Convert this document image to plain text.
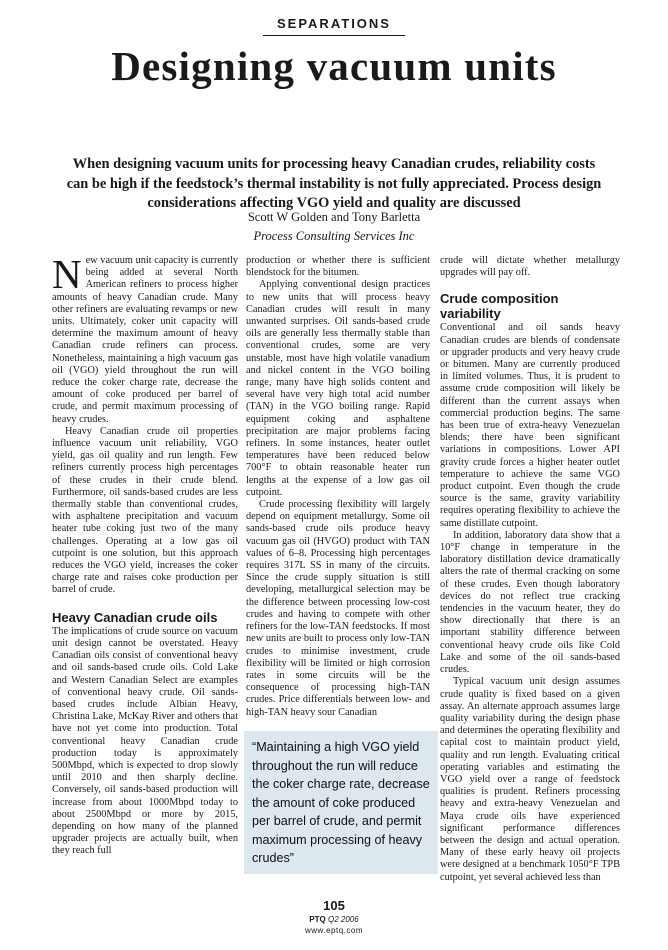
SEPARATIONS
Designing vacuum units
When designing vacuum units for processing heavy Canadian crudes, reliability costs can be high if the feedstock’s thermal instability is not fully appreciated. Process design considerations affecting VGO yield and quality are discussed
Scott W Golden and Tony Barletta
Process Consulting Services Inc

New vacuum unit capacity is currently being added at several North American refiners to process higher amounts of heavy Canadian crude. Many other refiners are evaluating revamps or new units. Ultimately, coker unit capacity will determine the maximum amount of heavy Canadian crude refiners can process. Nonetheless, maintaining a high vacuum gas oil (VGO) yield throughout the run will reduce the coker charge rate, decrease the amount of coke produced per barrel of crude, and permit maximum processing of heavy crudes.

Heavy Canadian crude oil properties influence vacuum unit reliability, VGO yield, gas oil quality and run length. Few refiners currently process high percentages of these crudes in their crude blend. Furthermore, oil sands-based crudes are less thermally stable than conventional crudes, with asphaltene precipitation and vacuum heater tube coking just two of the many challenges. Operating at a low gas oil cutpoint is one solution, but this approach reduces the VGO yield, increases the coker charge rate and raises coke production per barrel of crude.

Heavy Canadian crude oils

The implications of crude source on vacuum unit design cannot be overstated. Heavy Canadian oils consist of conventional heavy and oil sands-based crude oils. Cold Lake and Western Canadian Select are examples of conventional heavy crude. Oil sands-based crudes include Albian Heavy, Christina Lake, McKay River and others that have not yet come into production. Total conventional heavy Canadian crude production today is approximately 500Mbpd, which is expected to drop slowly until 2010 and then sharply decline. Conversely, oil sands-based production will increase from about 1000Mbpd today to about 2500Mbpd or more by 2015, depending on how many of the planned upgrader projects are actually built, when they reach full

production or whether there is sufficient blendstock for the bitumen.

Applying conventional design practices to new units that will process heavy Canadian crudes will result in many unwanted surprises. Oil sands-based crude oils are generally less thermally stable than conventional crudes, some are very unstable, most have high volatile vanadium and nickel content in the VGO boiling range, many have high solids content and several have very high total acid number (TAN) in the VGO boiling range. Rapid equipment coking and asphaltene precipitation are major problems facing refiners. In some instances, heater outlet temperatures have been reduced below 700°F to obtain reasonable heater run lengths at the expense of a low gas oil cutpoint.

Crude processing flexibility will largely depend on equipment metallurgy. Some oil sands-based crude oils produce heavy vacuum gas oil (HVGO) product with TAN values of 6–8. Processing high percentages requires 317L SS in many of the circuits. Since the crude supply situation is still developing, metallurgical selection may be the difference between processing low-cost crudes and having to compete with other refiners for the low-TAN feedstocks. If most new units are built to process only low-TAN crudes to minimise investment, crude flexibility will be limited or high corrosion rates in some circuits will be the consequence of processing high-TAN crudes. Price differentials between low- and high-TAN heavy sour Canadian

crude will dictate whether metallurgy upgrades will pay off.

Crude composition variability

Conventional and oil sands heavy Canadian crudes are blends of condensate or upgrader products and very heavy crude or bitumen. Many are currently produced in limited volumes. Thus, it is prudent to assume crude composition will likely be different than the current assays when commercial production begins. The same has been true of extra-heavy Venezuelan blends; there have been significant variations in compositions. Lower API gravity crude forces a higher heater outlet temperature to achieve the same VGO product cutpoint. Even though the crude source is the same, gravity variability requires operating flexibility to achieve the same distillate cutpoint.

In addition, laboratory data show that a 10°F change in temperature in the laboratory distillation device dramatically alters the rate of thermal cracking on some of these crudes. Even though laboratory devices do not reflect true cracking tendencies in the vacuum heater, they do show directionally that there is an important stability difference between conventional heavy crude oils like Cold Lake and some of the oil sands-based crudes.

Typical vacuum unit design assumes crude quality is fixed based on a given assay. An alternate approach assumes large quality variability during the design phase and determines the operating flexibility and capital cost to maintain product yield, quality and run length. Evaluating critical operating variables and estimating the VGO yield over a range of feedstock qualities is prudent. Refiners processing heavy and extra-heavy Venezuelan and Maya crude oils have experienced significant performance differences between the design and actual operation. Many of these early heavy oil projects were designed at a benchmark 1050°F TPB cutpoint, yet several achieved less than

“Maintaining a high VGO yield throughout the run will reduce the coker charge rate, decrease the amount of coke produced per barrel of crude, and permit maximum processing of heavy crudes”
105
PTQ Q2 2006
www.eptq.com
